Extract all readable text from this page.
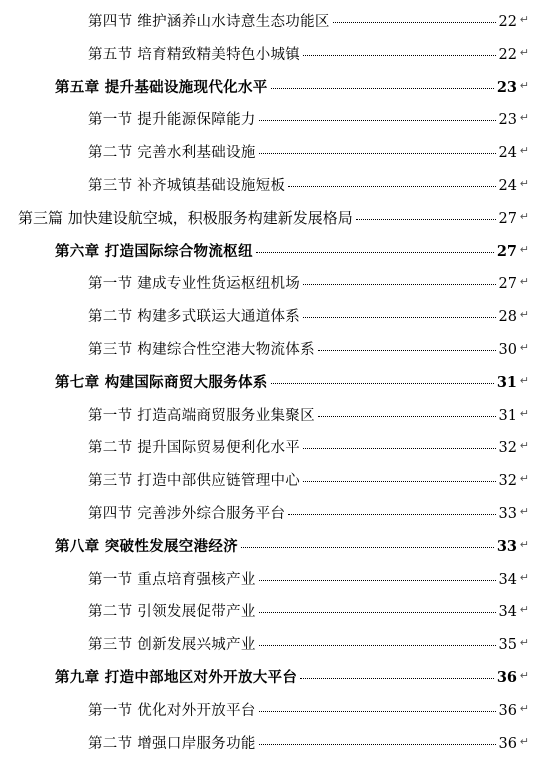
第四节 维护涵养山水诗意生态功能区	22 ↵
第五节 培育精致精美特色小城镇	22 ↵
第五章 提升基础设施现代化水平	23 ↵
第一节 提升能源保障能力	23 ↵
第二节 完善水利基础设施	24 ↵
第三节 补齐城镇基础设施短板	24 ↵
第三篇 加快建设航空城，积极服务构建新发展格局	27 ↵
第六章 打造国际综合物流枢纽	27 ↵
第一节 建成专业性货运枢纽机场	27 ↵
第二节 构建多式联运大通道体系	28 ↵
第三节 构建综合性空港大物流体系	30 ↵
第七章 构建国际商贸大服务体系	31 ↵
第一节 打造高端商贸服务业集聚区	31 ↵
第二节 提升国际贸易便利化水平	32 ↵
第三节 打造中部供应链管理中心	32 ↵
第四节 完善涉外综合服务平台	33 ↵
第八章 突破性发展空港经济	33 ↵
第一节 重点培育强核产业	34 ↵
第二节 引领发展促带产业	34 ↵
第三节 创新发展兴城产业	35 ↵
第九章 打造中部地区对外开放大平台	36 ↵
第一节 优化对外开放平台	36 ↵
第二节 增强口岸服务功能	36 ↵
